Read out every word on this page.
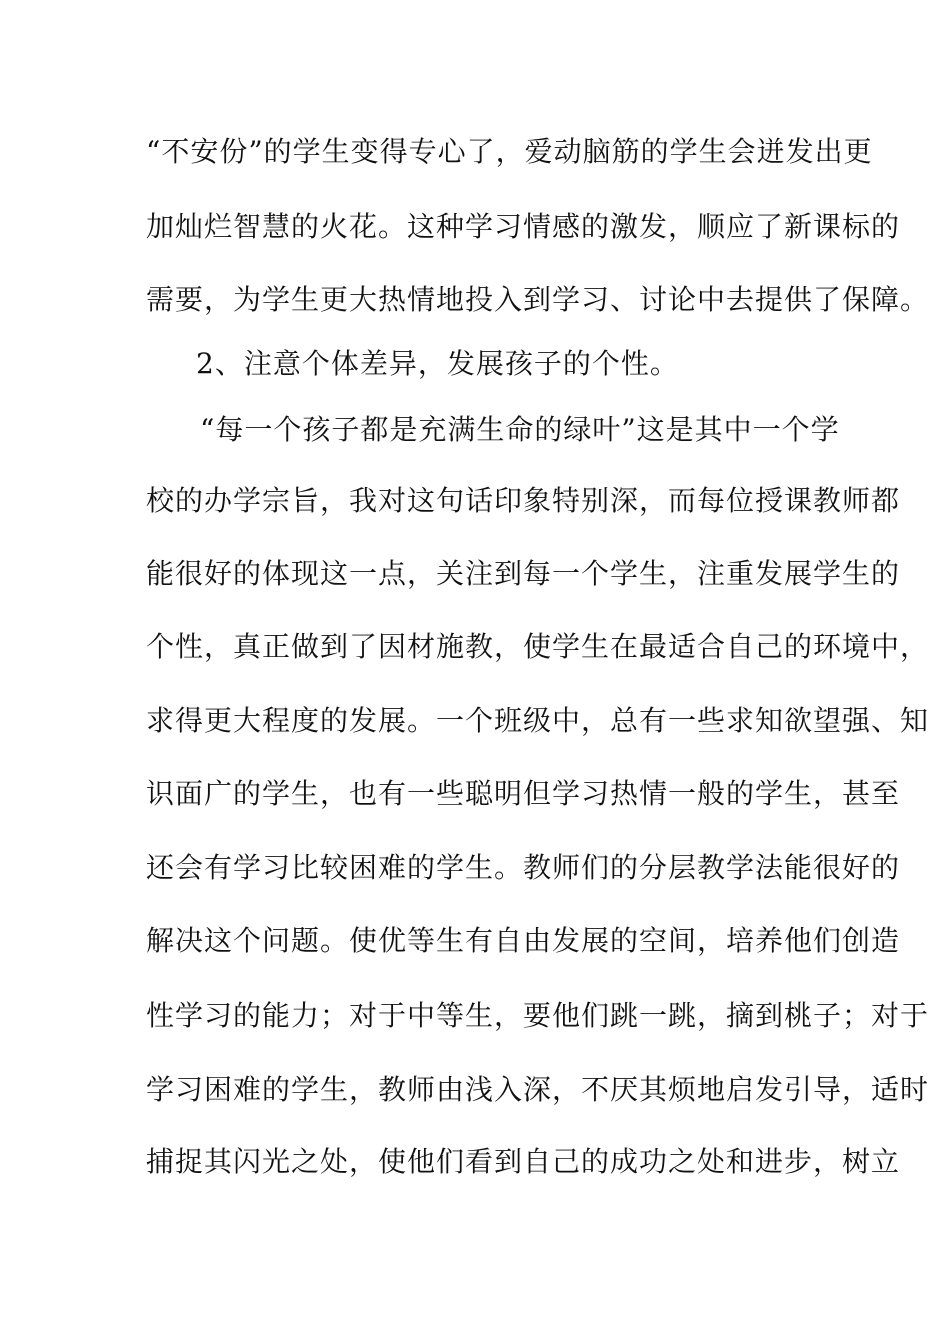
“不安份”的学生变得专心了，爱动脑筋的学生会迸发出更
加灿烂智慧的火花。这种学习情感的激发，顺应了新课标的
需要，为学生更大热情地投入到学习、讨论中去提供了保障。
2、注意个体差异，发展孩子的个性。
“每一个孩子都是充满生命的绿叶”这是其中一个学
校的办学宗旨，我对这句话印象特别深，而每位授课教师都
能很好的体现这一点，关注到每一个学生，注重发展学生的
个性，真正做到了因材施教，使学生在最适合自己的环境中，
求得更大程度的发展。一个班级中，总有一些求知欲望强、知
识面广的学生，也有一些聪明但学习热情一般的学生，甚至
还会有学习比较困难的学生。教师们的分层教学法能很好的
解决这个问题。使优等生有自由发展的空间，培养他们创造
性学习的能力；对于中等生，要他们跳一跳，摘到桃子；对于
学习困难的学生，教师由浅入深，不厌其烦地启发引导，适时
捕捉其闪光之处，使他们看到自己的成功之处和进步，树立
